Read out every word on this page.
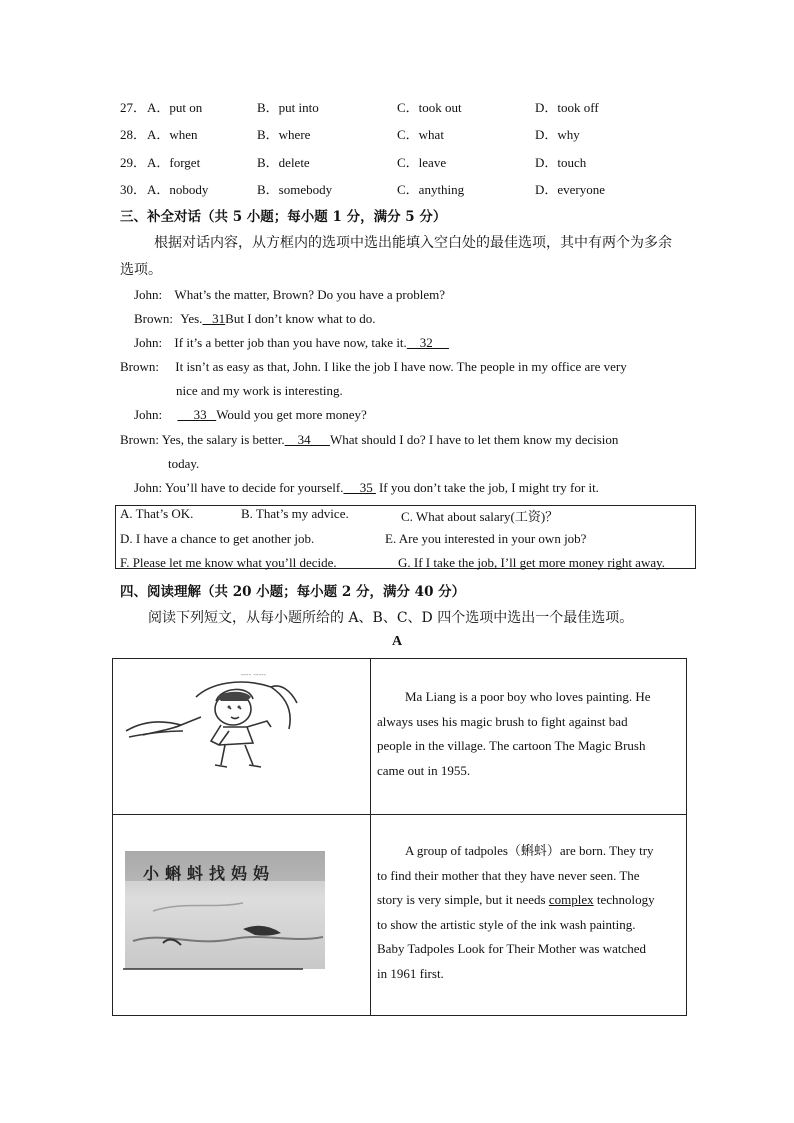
27． A．put on	B．put into	C．took out	D．took off
28． A．when	B．where	C．what	D．why
29． A．forget	B．delete	C．leave	D．touch
30． A．nobody	B．somebody	C．anything	D．everyone
三、补全对话（共 5 小题；每小题 1 分，满分 5 分）
根据对话内容，从方框内的选项中选出能填入空白处的最佳选项，其中有两个为多余
选项。
John: What’s the matter, Brown? Do you have a problem?
Brown: Yes.   31But I don’t know what to do.
John: If it’s a better job than you have now, take it.    32
Brown: It isn’t as easy as that, John. I like the job I have now. The people in my office are very
nice and my work is interesting.
John:      33   Would you get more money?
Brown: Yes, the salary is better.    34      What should I do? I have to let them know my decision
today.
John: You’ll have to decide for yourself.     35 If you don’t take the job, I might try for it.
A. That’s OK.	B. That’s my advice.	C. What about salary(工资)？
D. I have a chance to get another job.	E. Are you interested in your own job?
F. Please let me know what you’ll decide.	G. If I take the job, I’ll get more money right away.
四、阅读理解（共 20 小题；每小题 2 分，满分 40 分）
阅读下列短文，从每小题所给的 A、B、C、D 四个选项中选出一个最佳选项。
A
---- -----
Ma Liang is a poor boy who loves painting. He
always uses his magic brush to fight against bad
people in the village. The cartoon The Magic Brush
came out in 1955.
小蝌蚪找妈妈
A group of tadpoles（蝌蚪）are born. They try
to find their mother that they have never seen. The
story is very simple, but it needs complex technology
to show the artistic style of the ink wash painting.
Baby Tadpoles Look for Their Mother was watched
in 1961 first.
